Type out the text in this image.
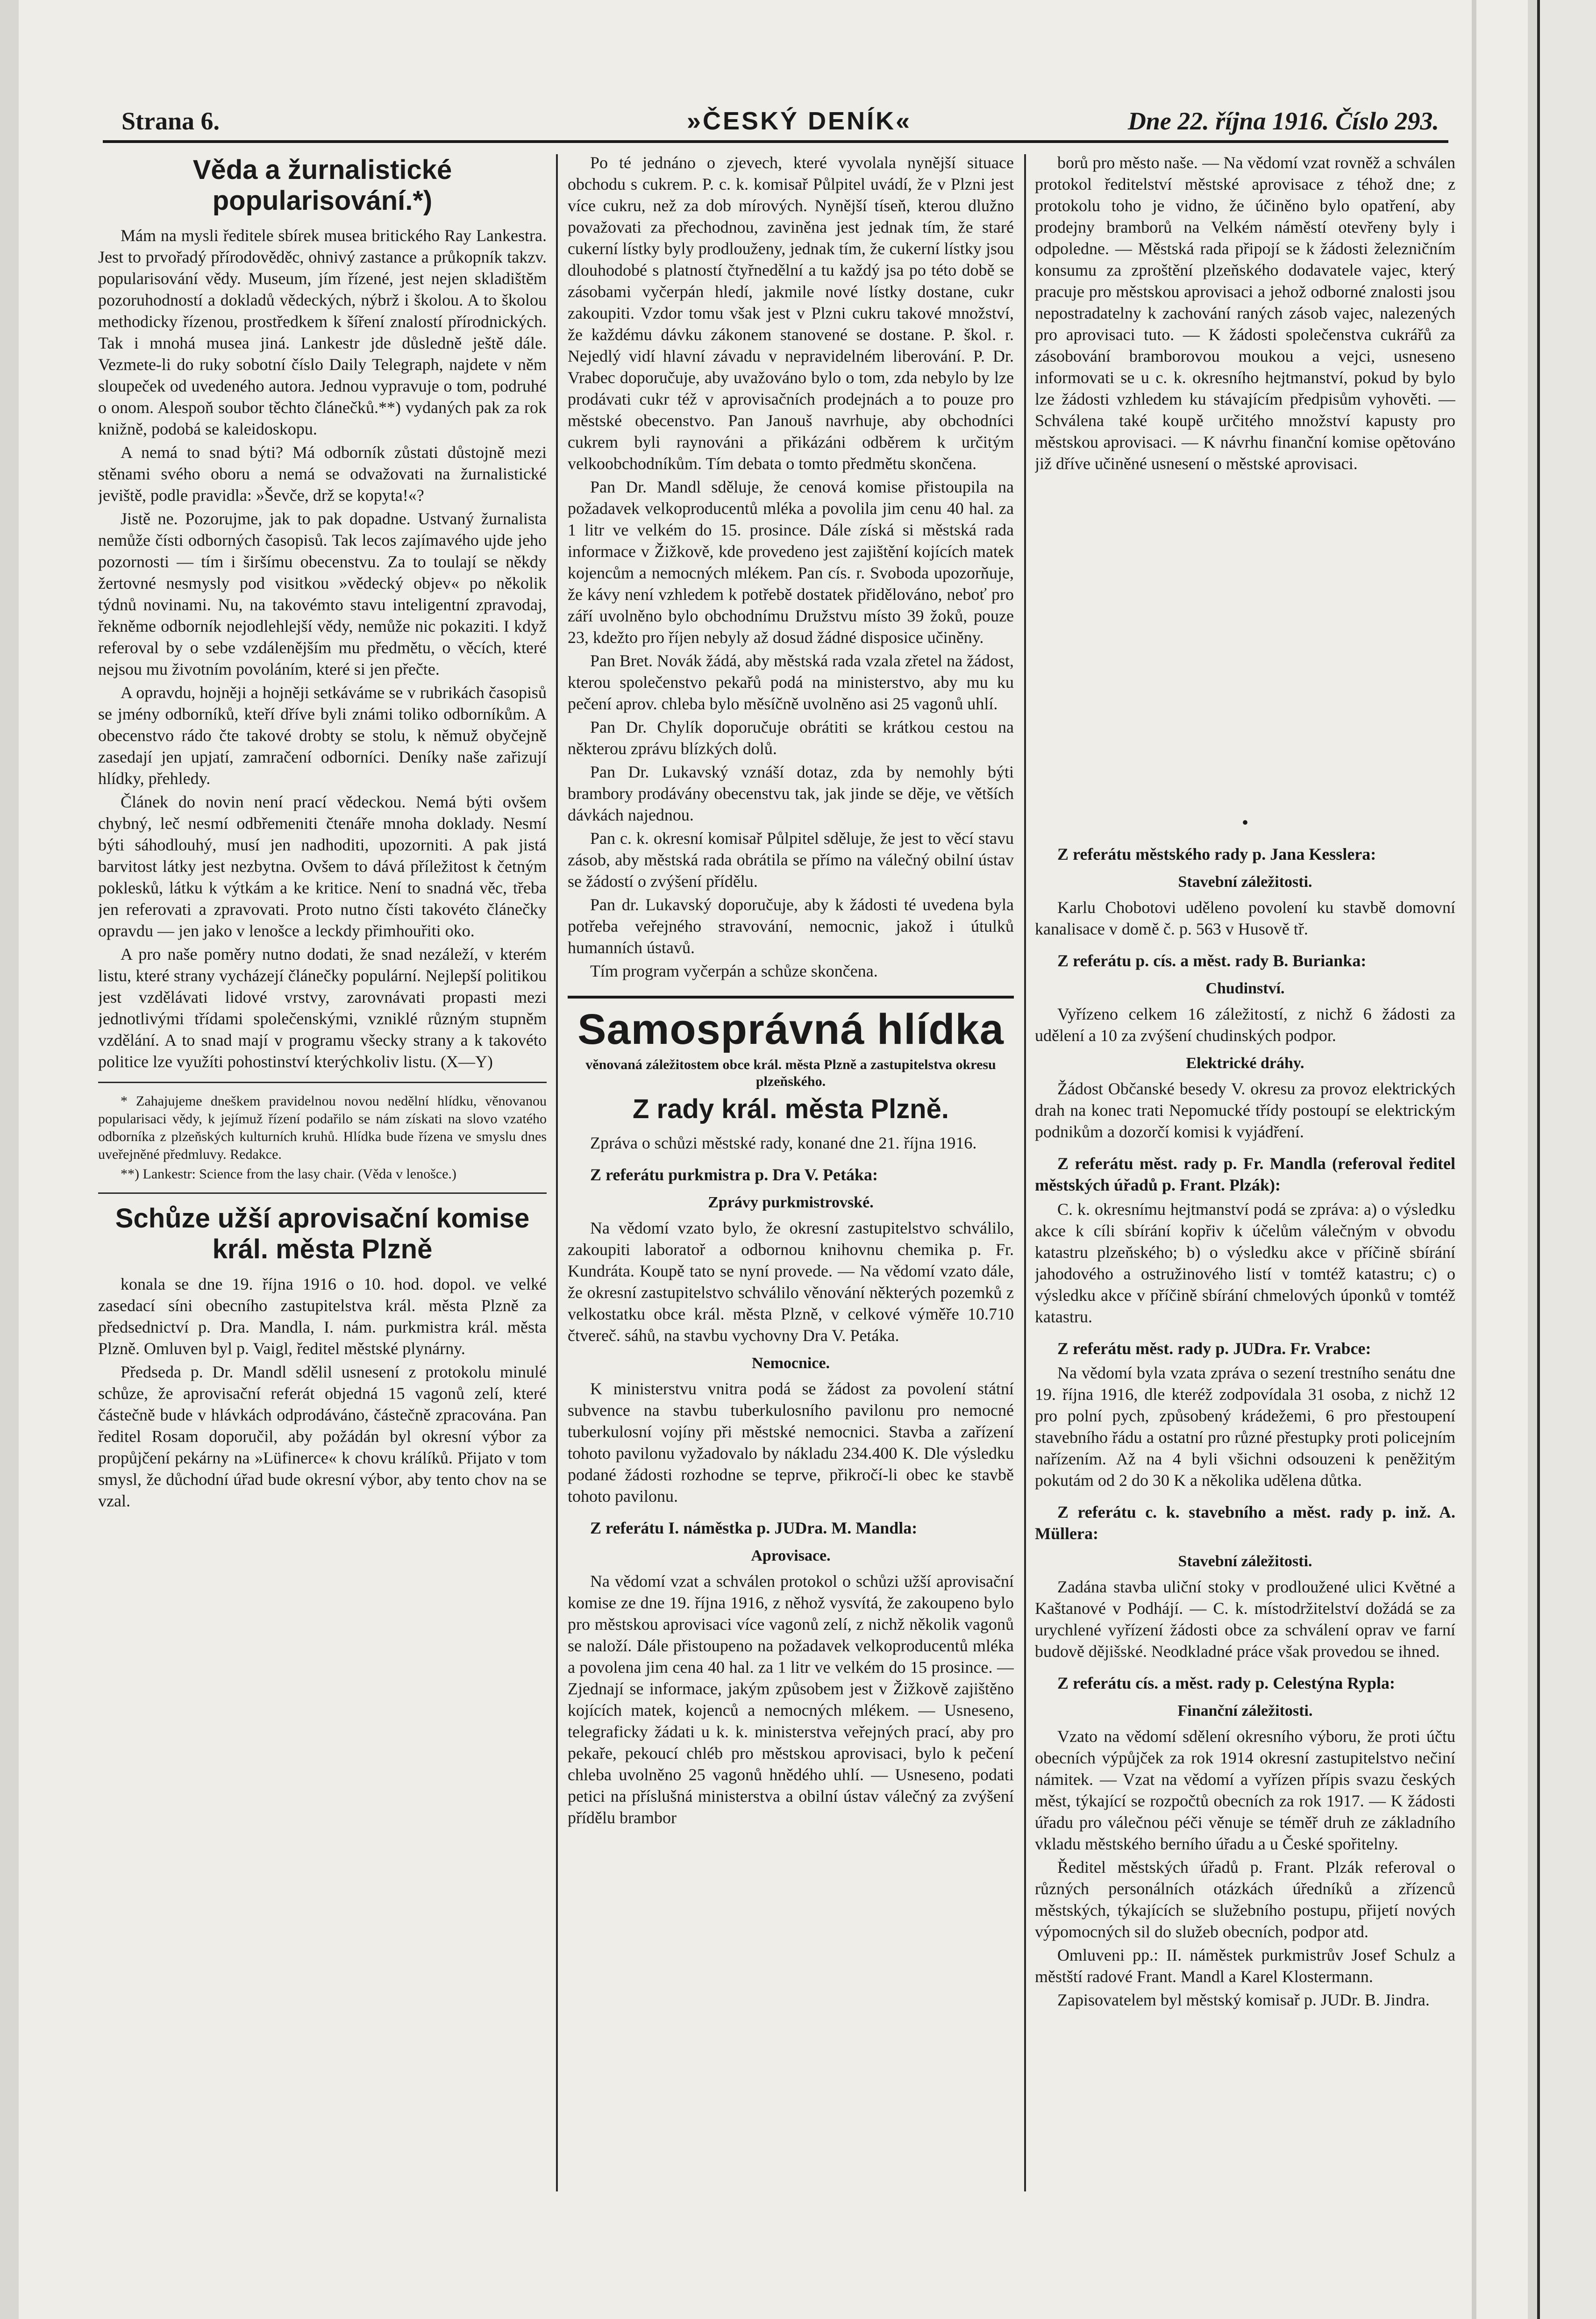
Strana 6.	»ČESKÝ DENÍK«	Dne 22. října 1916. Číslo 293.
Věda a žurnalistické popularisování.*)

Mám na mysli ředitele sbírek musea britického Ray Lankestra. Jest to prvořadý přírodověděc, ohnivý zastance a průkopník takzv. popularisování vědy. Museum, jím řízené, jest nejen skladištěm pozoruhodností a dokladů vědeckých, nýbrž i školou. A to školou methodicky řízenou, prostředkem k šíření znalostí přírodnických. Tak i mnohá musea jiná. Lankestr jde důsledně ještě dále. Vezmete-li do ruky sobotní číslo Daily Telegraph, najdete v něm sloupeček od uvedeného autora. Jednou vypravuje o tom, podruhé o onom. Alespoň soubor těchto článečků.**) vydaných pak za rok knižně, podobá se kaleidoskopu.

A nemá to snad býti? Má odborník zůstati důstojně mezi stěnami svého oboru a nemá se odvažovati na žurnalistické jeviště, podle pravidla: »Ševče, drž se kopyta!«?

Jistě ne. Pozorujme, jak to pak dopadne. Ustvaný žurnalista nemůže čísti odborných časopisů. Tak lecos zajímavého ujde jeho pozornosti — tím i širšímu obecenstvu. Za to toulají se někdy žertovné nesmysly pod visitkou »vědecký objev« po několik týdnů novinami. Nu, na takovémto stavu inteligentní zpravodaj, řekněme odborník nejodlehlejší vědy, nemůže nic pokaziti. I když referoval by o sebe vzdálenějším mu předmětu, o věcích, které nejsou mu životním povoláním, které si jen přečte.

A opravdu, hojněji a hojněji setkáváme se v rubrikách časopisů se jmény odborníků, kteří dříve byli známi toliko odborníkům. A obecenstvo rádo čte takové drobty se stolu, k němuž obyčejně zasedají jen upjatí, zamračení odborníci. Deníky naše zařizují hlídky, přehledy.

Článek do novin není prací vědeckou. Nemá býti ovšem chybný, leč nesmí odbřemeniti čtenáře mnoha doklady. Nesmí býti sáhodlouhý, musí jen nadhoditi, upozorniti. A pak jistá barvitost látky jest nezbytna. Ovšem to dává příležitost k četným poklesků, látku k výtkám a ke kritice. Není to snadná věc, třeba jen referovati a zpravovati. Proto nutno čísti takovéto článečky opravdu — jen jako v lenošce a leckdy přimhouřiti oko.

A pro naše poměry nutno dodati, že snad nezáleží, v kterém listu, které strany vycházejí článečky populární. Nejlepší politikou jest vzdělávati lidové vrstvy, zarovnávati propasti mezi jednotlivými třídami společenskými, vzniklé různým stupněm vzdělání. A to snad mají v programu všecky strany a k takovéto politice lze využíti pohostinství kterýchkoliv listu. (X—Y)

* Zahajujeme dneškem pravidelnou novou nedělní hlídku, věnovanou popularisaci vědy, k jejímuž řízení podařilo se nám získati na slovo vzatého odborníka z plzeňských kulturních kruhů. Hlídka bude řízena ve smyslu dnes uveřejněné předmluvy. Redakce.

**) Lankestr: Science from the lasy chair. (Věda v lenošce.)

Schůze užší aprovisační komise král. města Plzně

konala se dne 19. října 1916 o 10. hod. dopol. ve velké zasedací síni obecního zastupitelstva král. města Plzně za předsednictví p. Dra. Mandla, I. nám. purkmistra král. města Plzně. Omluven byl p. Vaigl, ředitel městské plynárny.

Předseda p. Dr. Mandl sdělil usnesení z protokolu minulé schůze, že aprovisační referát objedná 15 vagonů zelí, které částečně bude v hlávkách odprodáváno, částečně zpracována. Pan ředitel Rosam doporučil, aby požádán byl okresní výbor za propůjčení pekárny na »Lüfinerce« k chovu králíků. Přijato v tom smysl, že důchodní úřad bude okresní výbor, aby tento chov na se vzal.

Po té jednáno o zjevech, které vyvolala nynější situace obchodu s cukrem. P. c. k. komisař Půlpitel uvádí, že v Plzni jest více cukru, než za dob mírových. Nynější tíseň, kterou dlužno považovati za přechodnou, zaviněna jest jednak tím, že staré cukerní lístky byly prodlouženy, jednak tím, že cukerní lístky jsou dlouhodobé s platností čtyřnedělní a tu každý jsa po této době se zásobami vyčerpán hledí, jakmile nové lístky dostane, cukr zakoupiti. Vzdor tomu však jest v Plzni cukru takové množství, že každému dávku zákonem stanovené se dostane. P. škol. r. Nejedlý vidí hlavní závadu v nepravidelném liberování. P. Dr. Vrabec doporučuje, aby uvažováno bylo o tom, zda nebylo by lze prodávati cukr též v aprovisačních prodejnách a to pouze pro městské obecenstvo. Pan Janouš navrhuje, aby obchodníci cukrem byli raynováni a přikázáni odběrem k určitým velkoobchodníkům. Tím debata o tomto předmětu skončena.

Pan Dr. Mandl sděluje, že cenová komise přistoupila na požadavek velkoproducentů mléka a povolila jim cenu 40 hal. za 1 litr ve velkém do 15. prosince. Dále získá si městská rada informace v Žižkově, kde provedeno jest zajištění kojících matek kojencům a nemocných mlékem. Pan cís. r. Svoboda upozorňuje, že kávy není vzhledem k potřebě dostatek přidělováno, neboť pro září uvolněno bylo obchodnímu Družstvu místo 39 žoků, pouze 23, kdežto pro říjen nebyly až dosud žádné disposice učiněny.

Pan Bret. Novák žádá, aby městská rada vzala zřetel na žádost, kterou společenstvo pekařů podá na ministerstvo, aby mu ku pečení aprov. chleba bylo měsíčně uvolněno asi 25 vagonů uhlí.

Pan Dr. Chylík doporučuje obrátiti se krátkou cestou na některou zprávu blízkých dolů.

Pan Dr. Lukavský vznáší dotaz, zda by nemohly býti brambory prodávány obecenstvu tak, jak jinde se děje, ve větších dávkách najednou.

Pan c. k. okresní komisař Půlpitel sděluje, že jest to věcí stavu zásob, aby městská rada obrátila se přímo na válečný obilní ústav se žádostí o zvýšení přídělu.

Pan dr. Lukavský doporučuje, aby k žádosti té uvedena byla potřeba veřejného stravování, nemocnic, jakož i útulků humanních ústavů.

Tím program vyčerpán a schůze skončena.

Samosprávná hlídka
věnovaná záležitostem obce král. města Plzně a zastupitelstva okresu plzeňského.
Z rady král. města Plzně.

Zpráva o schůzi městské rady, konané dne 21. října 1916.

Z referátu purkmistra p. Dra V. Petáka:
Zprávy purkmistrovské.

Na vědomí vzato bylo, že okresní zastupitelstvo schválilo, zakoupiti laboratoř a odbornou knihovnu chemika p. Fr. Kundráta. Koupě tato se nyní provede. — Na vědomí vzato dále, že okresní zastupitelstvo schválilo věnování některých pozemků z velkostatku obce král. města Plzně, v celkové výměře 10.710 čtvereč. sáhů, na stavbu vychovny Dra V. Petáka.

Nemocnice.

K ministerstvu vnitra podá se žádost za povolení státní subvence na stavbu tuberkulosního pavilonu pro nemocné tuberkulosní vojíny při městské nemocnici. Stavba a zařízení tohoto pavilonu vyžadovalo by nákladu 234.400 K. Dle výsledku podané žádosti rozhodne se teprve, přikročí-li obec ke stavbě tohoto pavilonu.

Z referátu I. náměstka p. JUDra. M. Mandla:
Aprovisace.

Na vědomí vzat a schválen protokol o schůzi užší aprovisační komise ze dne 19. října 1916, z něhož vysvítá, že zakoupeno bylo pro městskou aprovisaci více vagonů zelí, z nichž několik vagonů se naloží. Dále přistoupeno na požadavek velkoproducentů mléka a povolena jim cena 40 hal. za 1 litr ve velkém do 15 prosince. — Zjednají se informace, jakým způsobem jest v Žižkově zajištěno kojících matek, kojenců a nemocných mlékem. — Usneseno, telegraficky žádati u k. k. ministerstva veřejných prací, aby pro pekaře, pekoucí chléb pro městskou aprovisaci, bylo k pečení chleba uvolněno 25 vagonů hnědého uhlí. — Usneseno, podati petici na příslušná ministerstva a obilní ústav válečný za zvýšení přídělu brambor

borů pro město naše. — Na vědomí vzat rovněž a schválen protokol ředitelství městské aprovisace z téhož dne; z protokolu toho je vidno, že účiněno bylo opatření, aby prodejny bramborů na Velkém náměstí otevřeny byly i odpoledne. — Městská rada připojí se k žádosti železničním konsumu za zproštění plzeňského dodavatele vajec, který pracuje pro městskou aprovisaci a jehož odborné znalosti jsou nepostradatelny k zachování raných zásob vajec, nalezených pro aprovisaci tuto. — K žádosti společenstva cukrářů za zásobování bramborovou moukou a vejci, usneseno informovati se u c. k. okresního hejtmanství, pokud by bylo lze žádosti vzhledem ku stávajícím předpisům vyhověti. — Schválena také koupě určitého množství kapusty pro městskou aprovisaci. — K návrhu finanční komise opětováno již dříve učiněné usnesení o městské aprovisaci.

•
Z referátu městského rady p. Jana Kesslera:
Stavební záležitosti.

Karlu Chobotovi uděleno povolení ku stavbě domovní kanalisace v domě č. p. 563 v Husově tř.

Z referátu p. cís. a měst. rady B. Burianka:
Chudinství.

Vyřízeno celkem 16 záležitostí, z nichž 6 žádosti za udělení a 10 za zvýšení chudinských podpor.

Elektrické dráhy.

Žádost Občanské besedy V. okresu za provoz elektrických drah na konec trati Nepomucké třídy postoupí se elektrickým podnikům a dozorčí komisi k vyjádření.

Z referátu měst. rady p. Fr. Mandla (referoval ředitel městských úřadů p. Frant. Plzák):

C. k. okresnímu hejtmanství podá se zpráva: a) o výsledku akce k cíli sbírání kopřiv k účelům válečným v obvodu katastru plzeňského; b) o výsledku akce v příčině sbírání jahodového a ostružinového listí v tomtéž katastru; c) o výsledku akce v příčině sbírání chmelových úponků v tomtéž katastru.

Z referátu měst. rady p. JUDra. Fr. Vrabce:

Na vědomí byla vzata zpráva o sezení trestního senátu dne 19. října 1916, dle kteréž zodpovídala 31 osoba, z nichž 12 pro polní pych, způsobený krádežemi, 6 pro přestoupení stavebního řádu a ostatní pro různé přestupky proti policejním nařízením. Až na 4 byli všichni odsouzeni k peněžitým pokutám od 2 do 30 K a několika udělena důtka.

Z referátu c. k. stavebního a měst. rady p. inž. A. Müllera:
Stavební záležitosti.

Zadána stavba uliční stoky v prodloužené ulici Květné a Kaštanové v Podhájí. — C. k. místodržitelství dožádá se za urychlené vyřízení žádosti obce za schválení oprav ve farní budově dějišské. Neodkladné práce však provedou se ihned.

Z referátu cís. a měst. rady p. Celestýna Rypla:
Finanční záležitosti.

Vzato na vědomí sdělení okresního výboru, že proti účtu obecních výpůjček za rok 1914 okresní zastupitelstvo nečiní námitek. — Vzat na vědomí a vyřízen přípis svazu českých měst, týkající se rozpočtů obecních za rok 1917. — K žádosti úřadu pro válečnou péči věnuje se téměř druh ze základního vkladu městského berního úřadu a u České spořitelny.

Ředitel městských úřadů p. Frant. Plzák referoval o různých personálních otázkách úředníků a zřízenců městských, týkajících se služebního postupu, přijetí nových výpomocných sil do služeb obecních, podpor atd.

Omluveni pp.: II. náměstek purkmistrův Josef Schulz a městští radové Frant. Mandl a Karel Klostermann.

Zapisovatelem byl městský komisař p. JUDr. B. Jindra.
